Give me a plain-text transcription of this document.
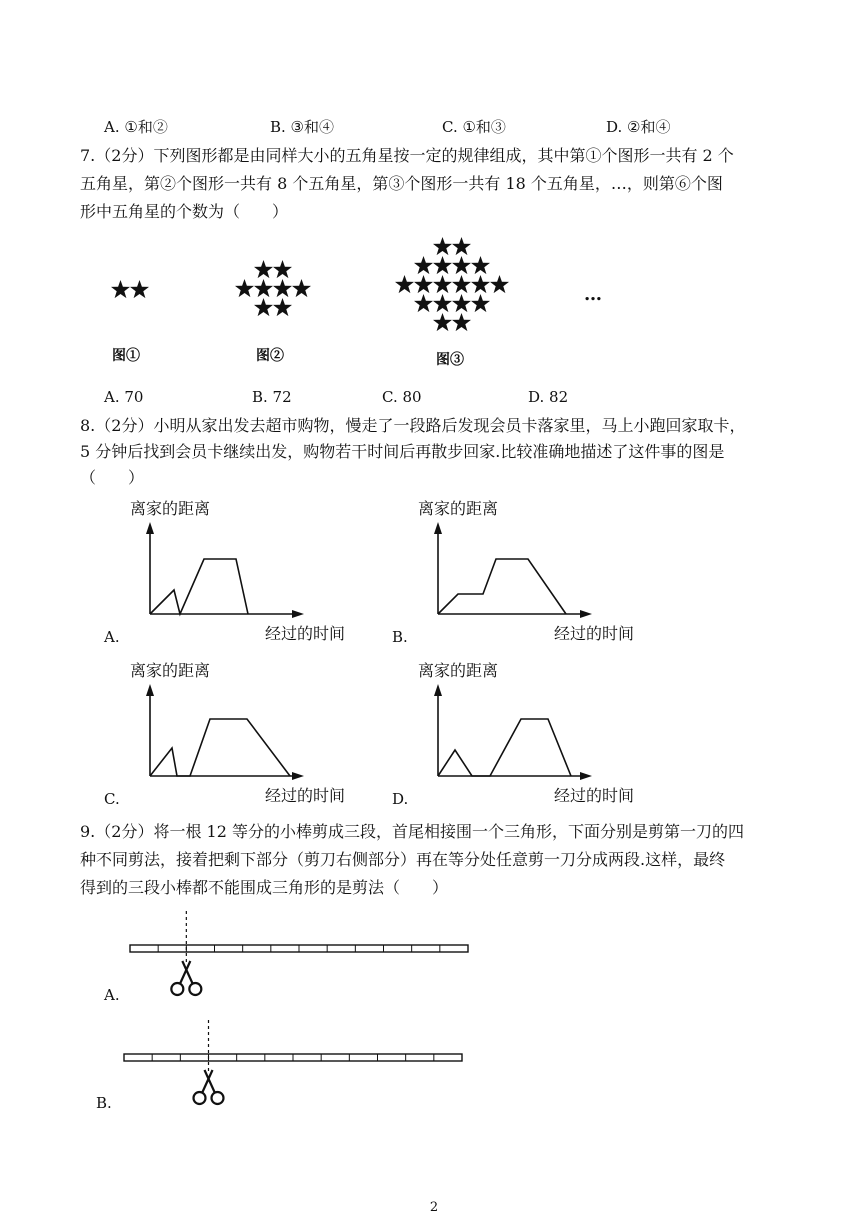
A. ①和②	B. ③和④	C. ①和③	D. ②和④
7.（2分）下列图形都是由同样大小的五角星按一定的规律组成，其中第①个图形一共有 2 个
五角星，第②个图形一共有 8 个五角星，第③个图形一共有 18 个五角星，…，则第⑥个图
形中五角星的个数为（　　）
图①	图②	图③
…
A. 70	B. 72	C. 80	D. 82
8.（2分）小明从家出发去超市购物，慢走了一段路后发现会员卡落家里，马上小跑回家取卡，
5 分钟后找到会员卡继续出发，购物若干时间后再散步回家.比较准确地描述了这件事的图是
（　　）
离家的距离
经过的时间
A.
离家的距离
经过的时间
B.
离家的距离
经过的时间
C.
离家的距离
经过的时间
D.
9.（2分）将一根 12 等分的小棒剪成三段，首尾相接围一个三角形，下面分别是剪第一刀的四
种不同剪法，接着把剩下部分（剪刀右侧部分）再在等分处任意剪一刀分成两段.这样，最终
得到的三段小棒都不能围成三角形的是剪法（　　）
A.
B.
2
